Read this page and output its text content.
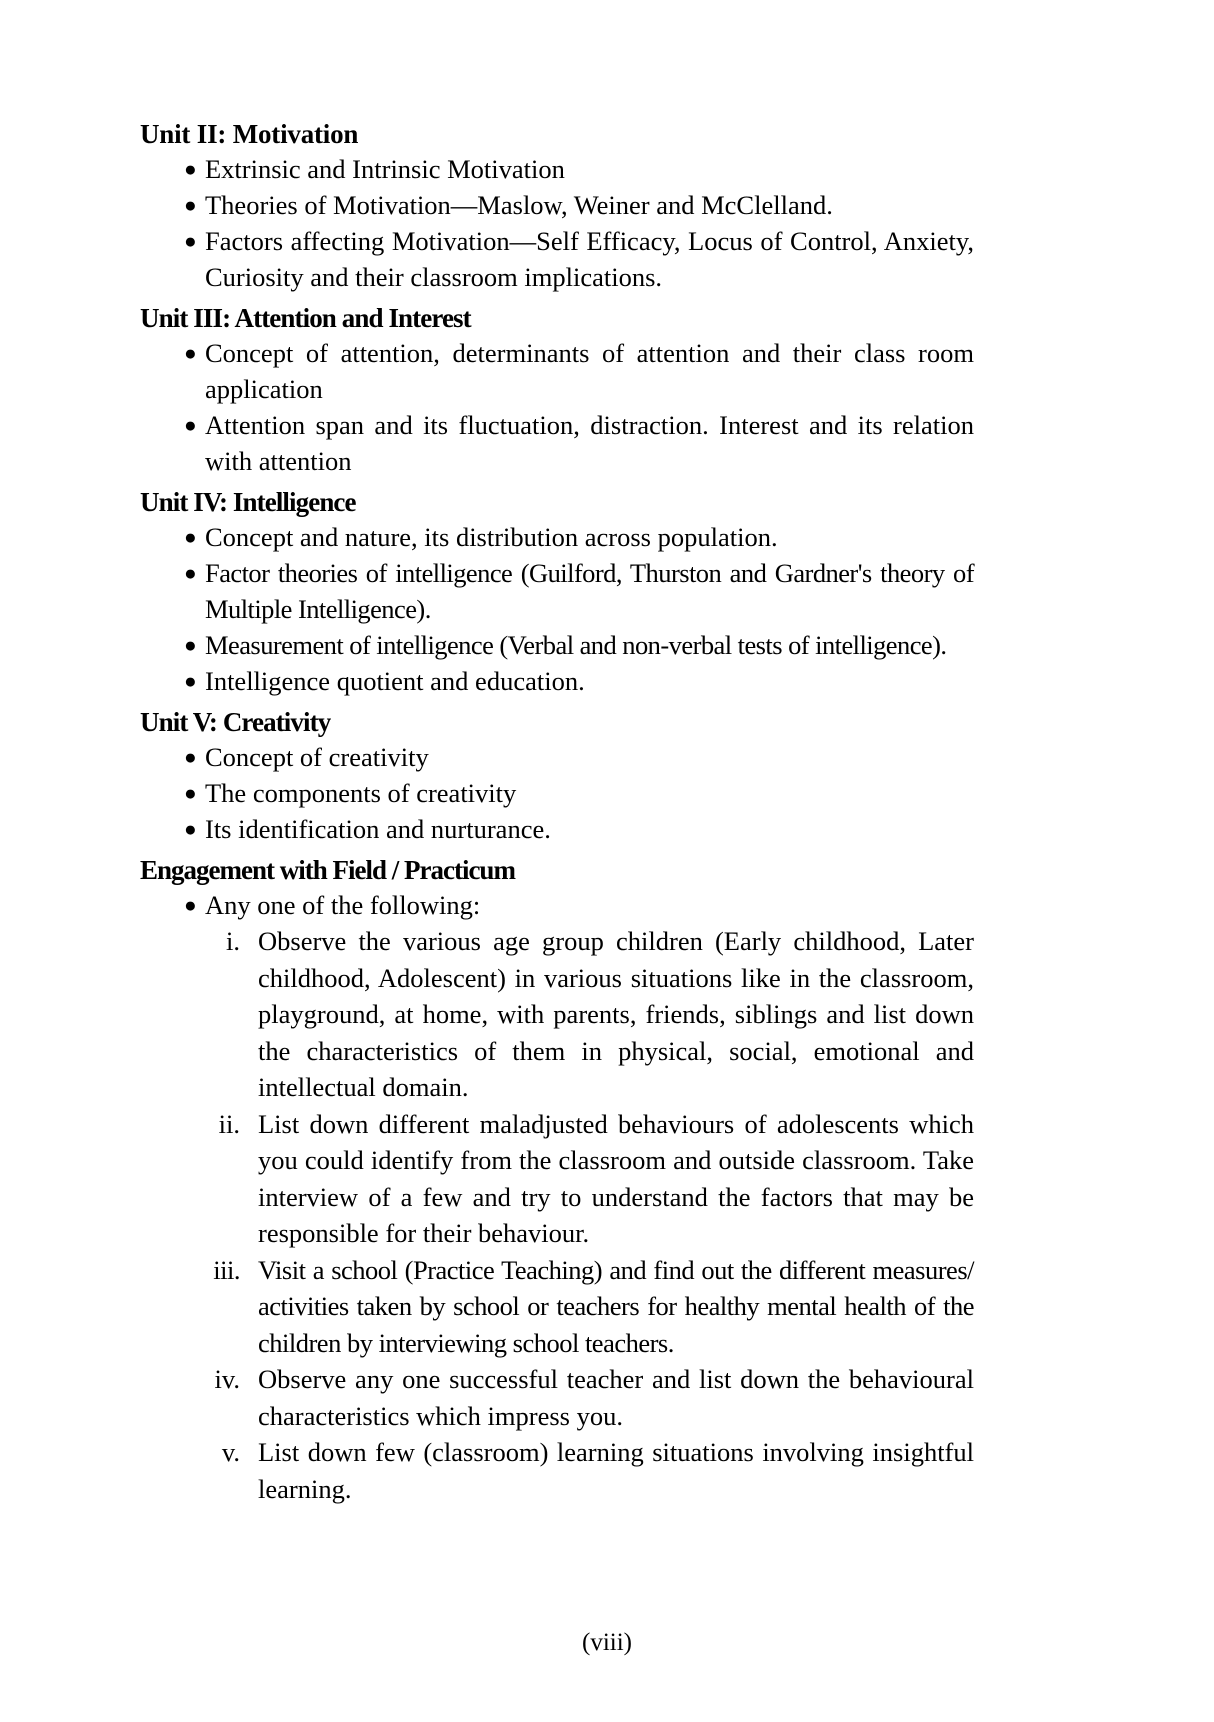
Unit II: Motivation
● Extrinsic and Intrinsic Motivation
● Theories of Motivation—Maslow, Weiner and McClelland.
● Factors affecting Motivation—Self Efficacy, Locus of Control, Anxiety, Curiosity and their classroom implications.
Unit III: Attention and Interest
● Concept of attention, determinants of attention and their class room application
● Attention span and its fluctuation, distraction. Interest and its relation with attention
Unit IV: Intelligence
● Concept and nature, its distribution across population.
● Factor theories of intelligence (Guilford, Thurston and Gardner's theory of Multiple Intelligence).
● Measurement of intelligence (Verbal and non-verbal tests of intelligence).
● Intelligence quotient and education.
Unit V: Creativity
● Concept of creativity
● The components of creativity
● Its identification and nurturance.
Engagement with Field / Practicum
● Any one of the following:
i. Observe the various age group children (Early childhood, Later childhood, Adolescent) in various situations like in the classroom, playground, at home, with parents, friends, siblings and list down the characteristics of them in physical, social, emotional and intellectual domain.
ii. List down different maladjusted behaviours of adolescents which you could identify from the classroom and outside classroom. Take interview of a few and try to understand the factors that may be responsible for their behaviour.
iii. Visit a school (Practice Teaching) and find out the different measures/ activities taken by school or teachers for healthy mental health of the children by interviewing school teachers.
iv. Observe any one successful teacher and list down the behavioural characteristics which impress you.
v. List down few (classroom) learning situations involving insightful learning.
(viii)
